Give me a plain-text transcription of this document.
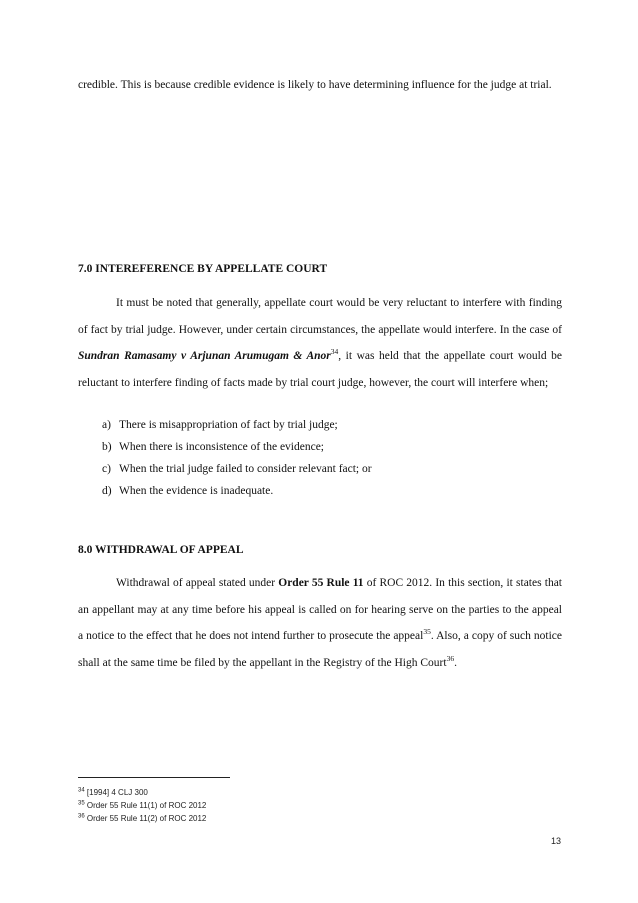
credible. This is because credible evidence is likely to have determining influence for the judge at trial.

7.0 INTEREFERENCE BY APPELLATE COURT

It must be noted that generally, appellate court would be very reluctant to interfere with finding of fact by trial judge. However, under certain circumstances, the appellate would interfere. In the case of Sundran Ramasamy v Arjunan Arumugam & Anor$^{34}$, it was held that the appellate court would be reluctant to interfere finding of facts made by trial court judge, however, the court will interfere when;

a) There is misappropriation of fact by trial judge;
b) When there is inconsistence of the evidence;
c) When the trial judge failed to consider relevant fact; or
d) When the evidence is inadequate.

8.0 WITHDRAWAL OF APPEAL

Withdrawal of appeal stated under Order 55 Rule 11 of ROC 2012. In this section, it states that an appellant may at any time before his appeal is called on for hearing serve on the parties to the appeal a notice to the effect that he does not intend further to prosecute the appeal$^{35}$. Also, a copy of such notice shall at the same time be filed by the appellant in the Registry of the High Court$^{36}$.

$^{34}$ [1994] 4 CLJ 300
$^{35}$ Order 55 Rule 11(1) of ROC 2012
$^{36}$ Order 55 Rule 11(2) of ROC 2012
13
